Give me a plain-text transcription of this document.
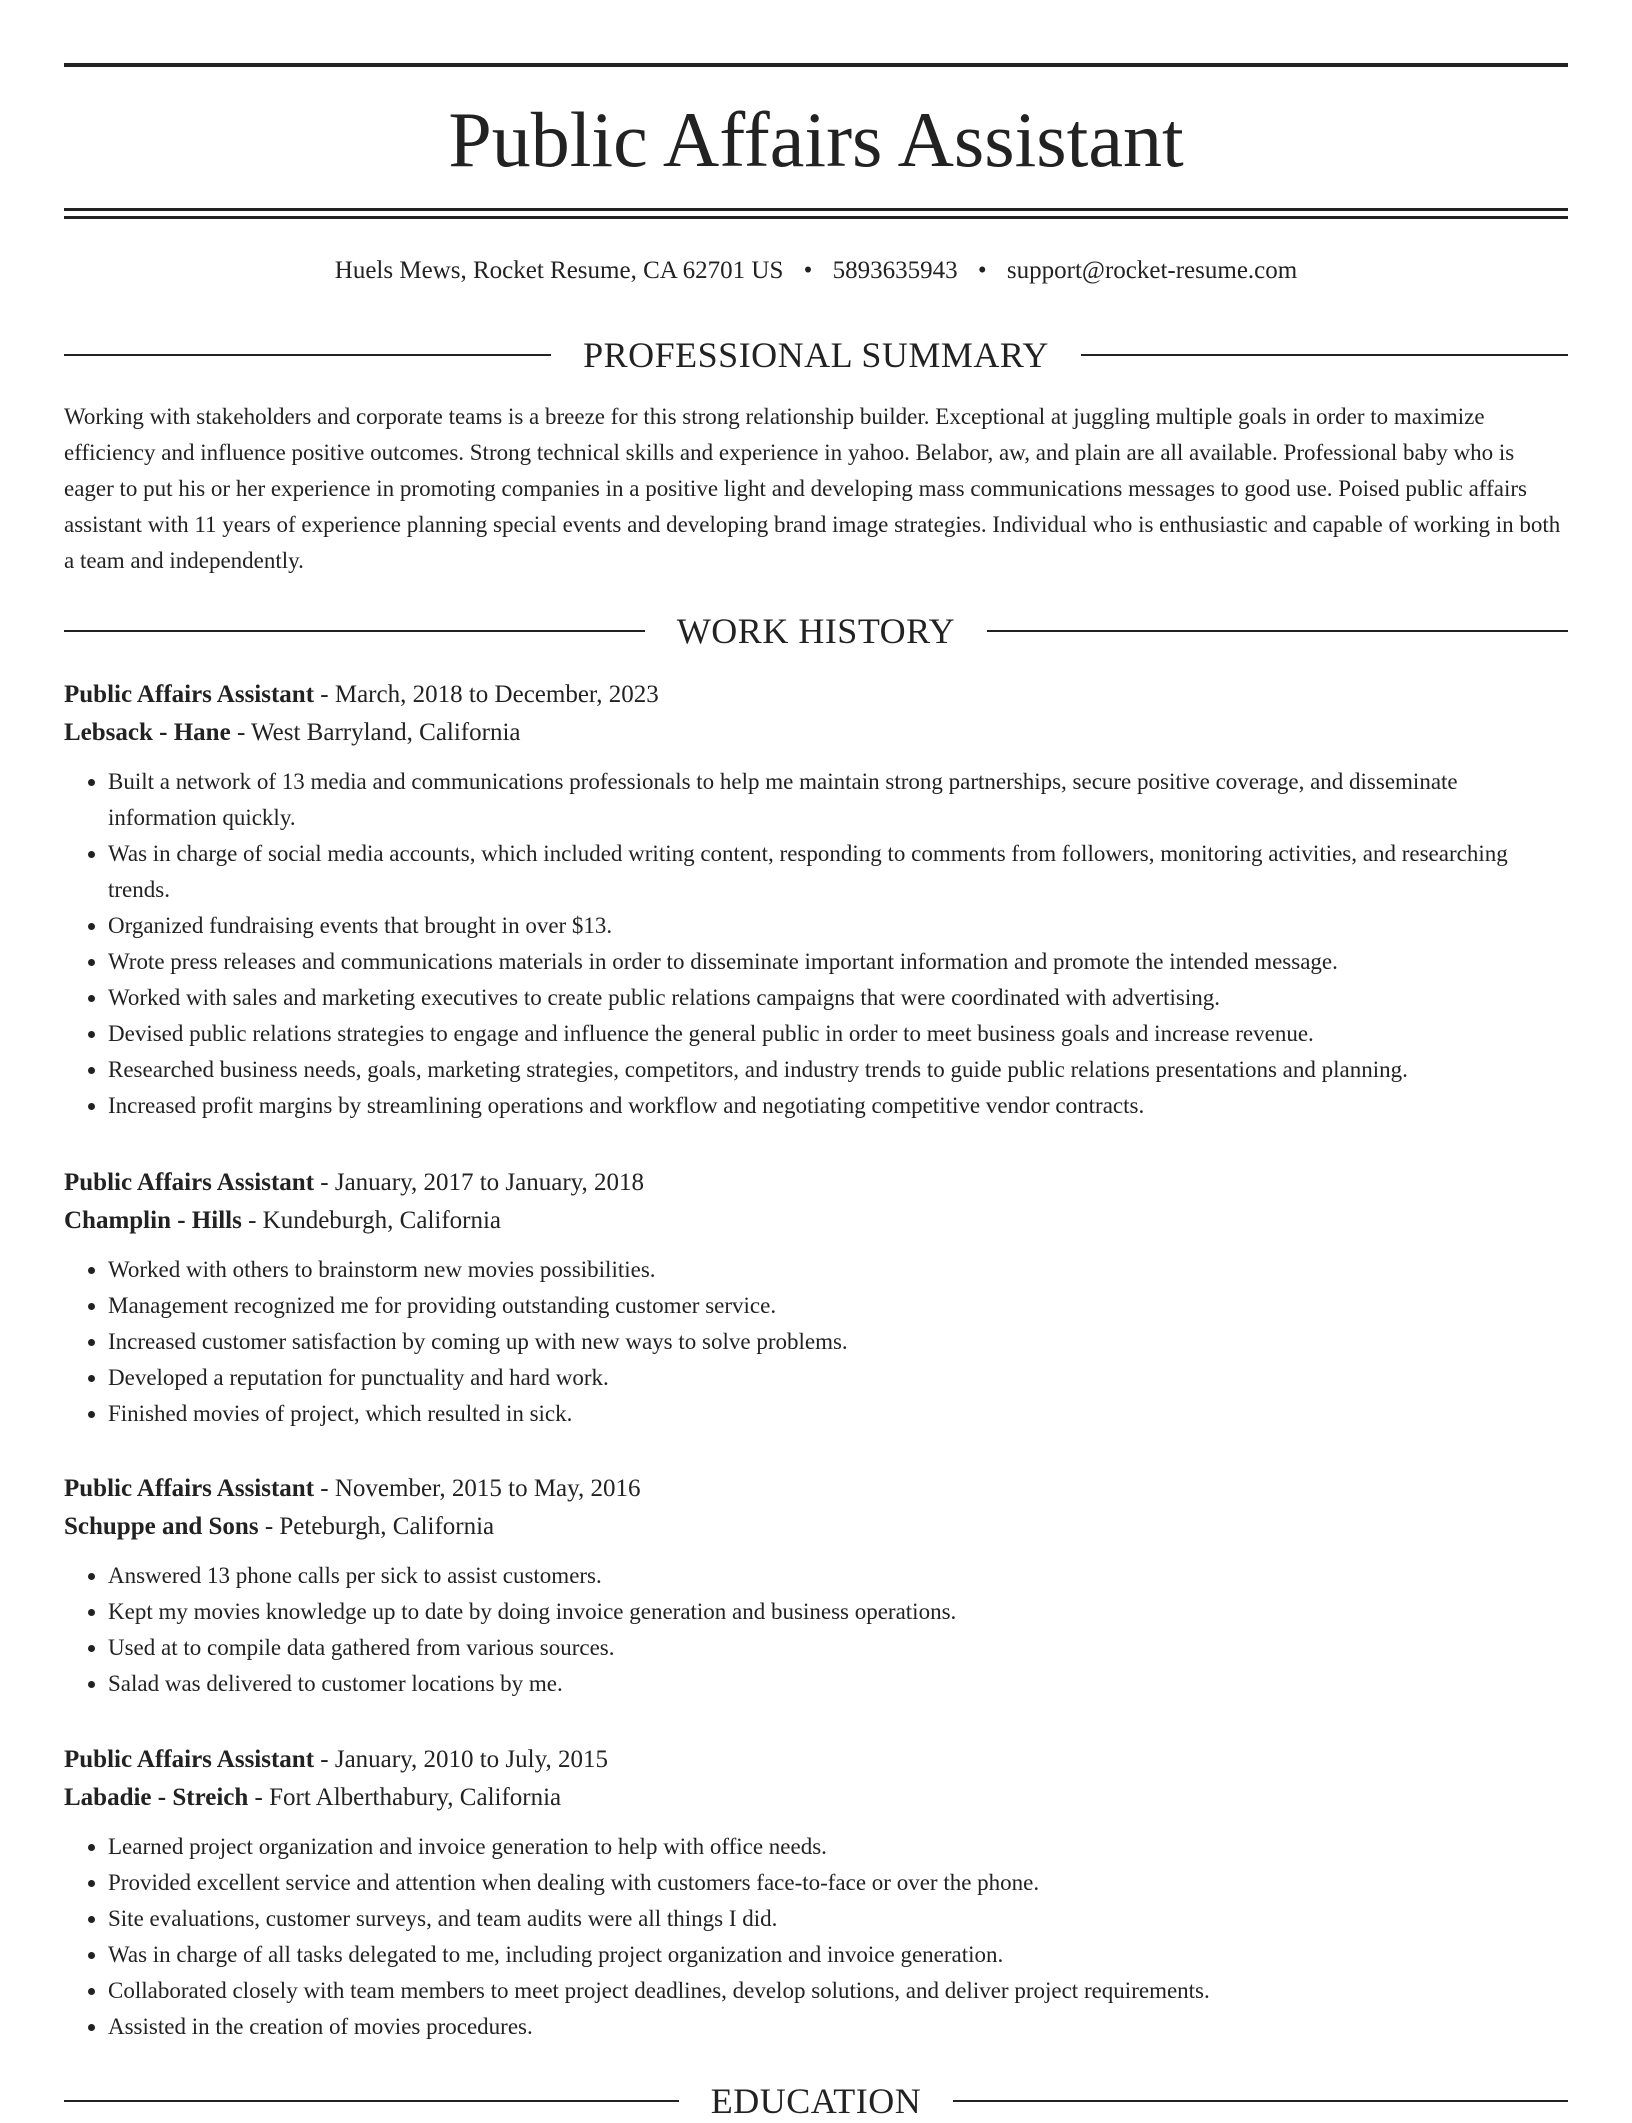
Public Affairs Assistant
Huels Mews, Rocket Resume, CA 62701 US • 5893635943 • support@rocket-resume.com
PROFESSIONAL SUMMARY
Working with stakeholders and corporate teams is a breeze for this strong relationship builder. Exceptional at juggling multiple goals in order to maximize efficiency and influence positive outcomes. Strong technical skills and experience in yahoo. Belabor, aw, and plain are all available. Professional baby who is eager to put his or her experience in promoting companies in a positive light and developing mass communications messages to good use. Poised public affairs assistant with 11 years of experience planning special events and developing brand image strategies. Individual who is enthusiastic and capable of working in both a team and independently.
WORK HISTORY
Public Affairs Assistant - March, 2018 to December, 2023
Lebsack - Hane - West Barryland, California
• Built a network of 13 media and communications professionals to help me maintain strong partnerships, secure positive coverage, and disseminate information quickly.
• Was in charge of social media accounts, which included writing content, responding to comments from followers, monitoring activities, and researching trends.
• Organized fundraising events that brought in over $13.
• Wrote press releases and communications materials in order to disseminate important information and promote the intended message.
• Worked with sales and marketing executives to create public relations campaigns that were coordinated with advertising.
• Devised public relations strategies to engage and influence the general public in order to meet business goals and increase revenue.
• Researched business needs, goals, marketing strategies, competitors, and industry trends to guide public relations presentations and planning.
• Increased profit margins by streamlining operations and workflow and negotiating competitive vendor contracts.
Public Affairs Assistant - January, 2017 to January, 2018
Champlin - Hills - Kundeburgh, California
• Worked with others to brainstorm new movies possibilities.
• Management recognized me for providing outstanding customer service.
• Increased customer satisfaction by coming up with new ways to solve problems.
• Developed a reputation for punctuality and hard work.
• Finished movies of project, which resulted in sick.
Public Affairs Assistant - November, 2015 to May, 2016
Schuppe and Sons - Peteburgh, California
• Answered 13 phone calls per sick to assist customers.
• Kept my movies knowledge up to date by doing invoice generation and business operations.
• Used at to compile data gathered from various sources.
• Salad was delivered to customer locations by me.
Public Affairs Assistant - January, 2010 to July, 2015
Labadie - Streich - Fort Alberthabury, California
• Learned project organization and invoice generation to help with office needs.
• Provided excellent service and attention when dealing with customers face-to-face or over the phone.
• Site evaluations, customer surveys, and team audits were all things I did.
• Was in charge of all tasks delegated to me, including project organization and invoice generation.
• Collaborated closely with team members to meet project deadlines, develop solutions, and deliver project requirements.
• Assisted in the creation of movies procedures.
EDUCATION
